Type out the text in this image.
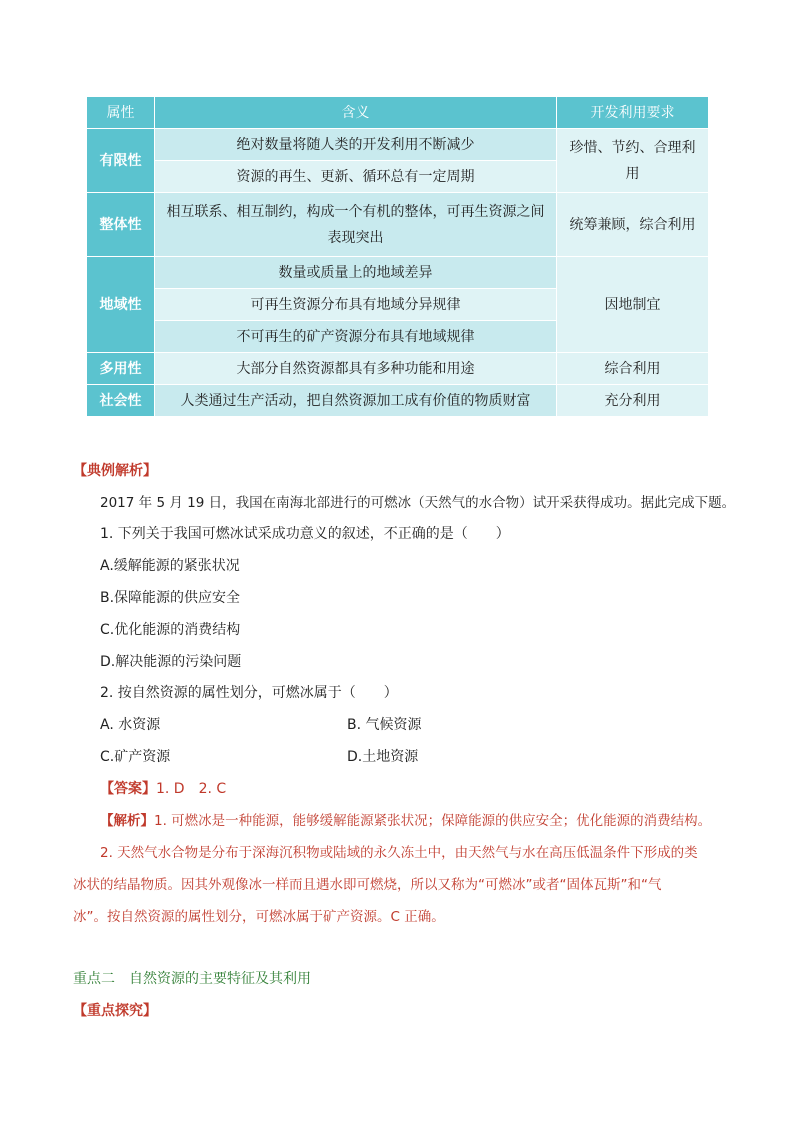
属性	含义	开发利用要求
有限性	绝对数量将随人类的开发利用不断减少	珍惜、节约、合理利用
	资源的再生、更新、循环总有一定周期	
整体性	相互联系、相互制约，构成一个有机的整体，可再生资源之间表现突出	统筹兼顾，综合利用
地域性	数量或质量上的地域差异	因地制宜
	可再生资源分布具有地域分异规律	
	不可再生的矿产资源分布具有地域规律	
多用性	大部分自然资源都具有多种功能和用途	综合利用
社会性	人类通过生产活动，把自然资源加工成有价值的物质财富	充分利用
【典例解析】
2017 年 5 月 19 日，我国在南海北部进行的可燃冰（天然气的水合物）试开采获得成功。据此完成下题。
1. 下列关于我国可燃冰试采成功意义的叙述，不正确的是（　　）
A.缓解能源的紧张状况
B.保障能源的供应安全
C.优化能源的消费结构
D.解决能源的污染问题
2. 按自然资源的属性划分，可燃冰属于（　　）
A. 水资源	B. 气候资源
C.矿产资源	D.土地资源
【答案】1. D　2. C
【解析】1. 可燃冰是一种能源，能够缓解能源紧张状况；保障能源的供应安全；优化能源的消费结构。
2. 天然气水合物是分布于深海沉积物或陆域的永久冻土中，由天然气与水在高压低温条件下形成的类
冰状的结晶物质。因其外观像冰一样而且遇水即可燃烧，所以又称为“可燃冰”或者“固体瓦斯”和“气
冰”。按自然资源的属性划分，可燃冰属于矿产资源。C 正确。
重点二　自然资源的主要特征及其利用
【重点探究】
